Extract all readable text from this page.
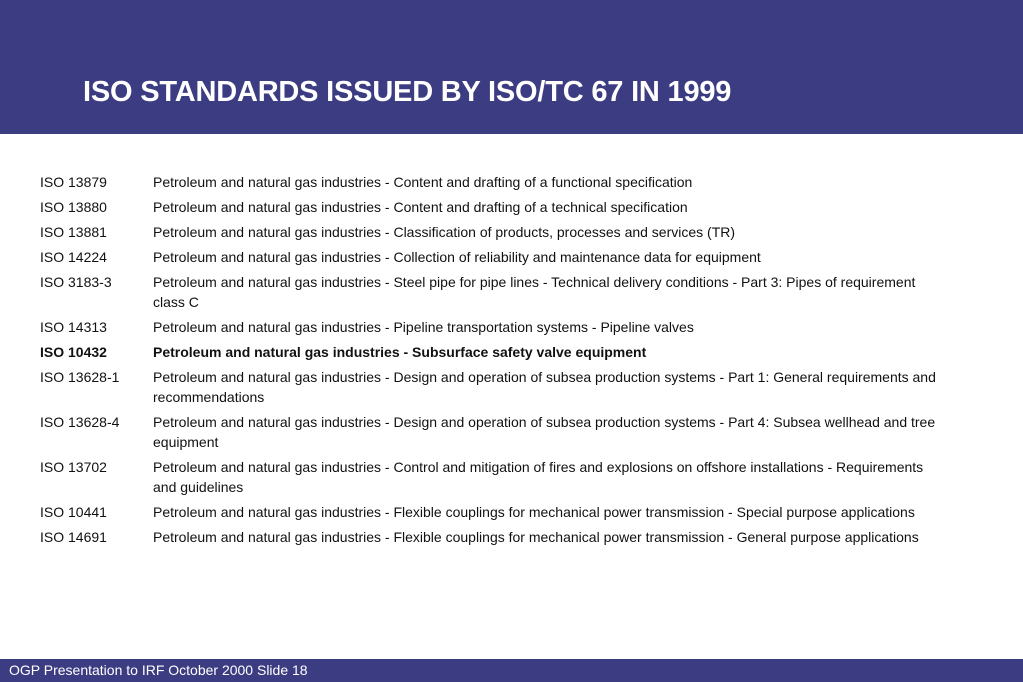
ISO STANDARDS ISSUED BY ISO/TC 67 IN 1999
ISO 13879	Petroleum and natural gas industries - Content and drafting of a functional specification
ISO 13880	Petroleum and natural gas industries - Content and drafting of a technical specification
ISO 13881	Petroleum and natural gas industries - Classification of products, processes and services (TR)
ISO 14224	Petroleum and natural gas industries - Collection of reliability and maintenance data for equipment
ISO 3183-3	Petroleum and natural gas industries - Steel pipe for pipe lines - Technical delivery conditions - Part 3: Pipes of requirement class C
ISO 14313	Petroleum and natural gas industries - Pipeline transportation systems - Pipeline valves
ISO 10432	Petroleum and natural gas industries - Subsurface safety valve equipment
ISO 13628-1	Petroleum and natural gas industries - Design and operation of subsea production systems - Part 1: General requirements and recommendations
ISO 13628-4	Petroleum and natural gas industries - Design and operation of subsea production systems - Part 4: Subsea wellhead and tree equipment
ISO 13702	Petroleum and natural gas industries - Control and mitigation of fires and explosions on offshore installations - Requirements and guidelines
ISO 10441	Petroleum and natural gas industries - Flexible couplings for mechanical power transmission - Special purpose applications
ISO 14691	Petroleum and natural gas industries - Flexible couplings for mechanical power transmission - General purpose applications
OGP Presentation to IRF October 2000 Slide 18
